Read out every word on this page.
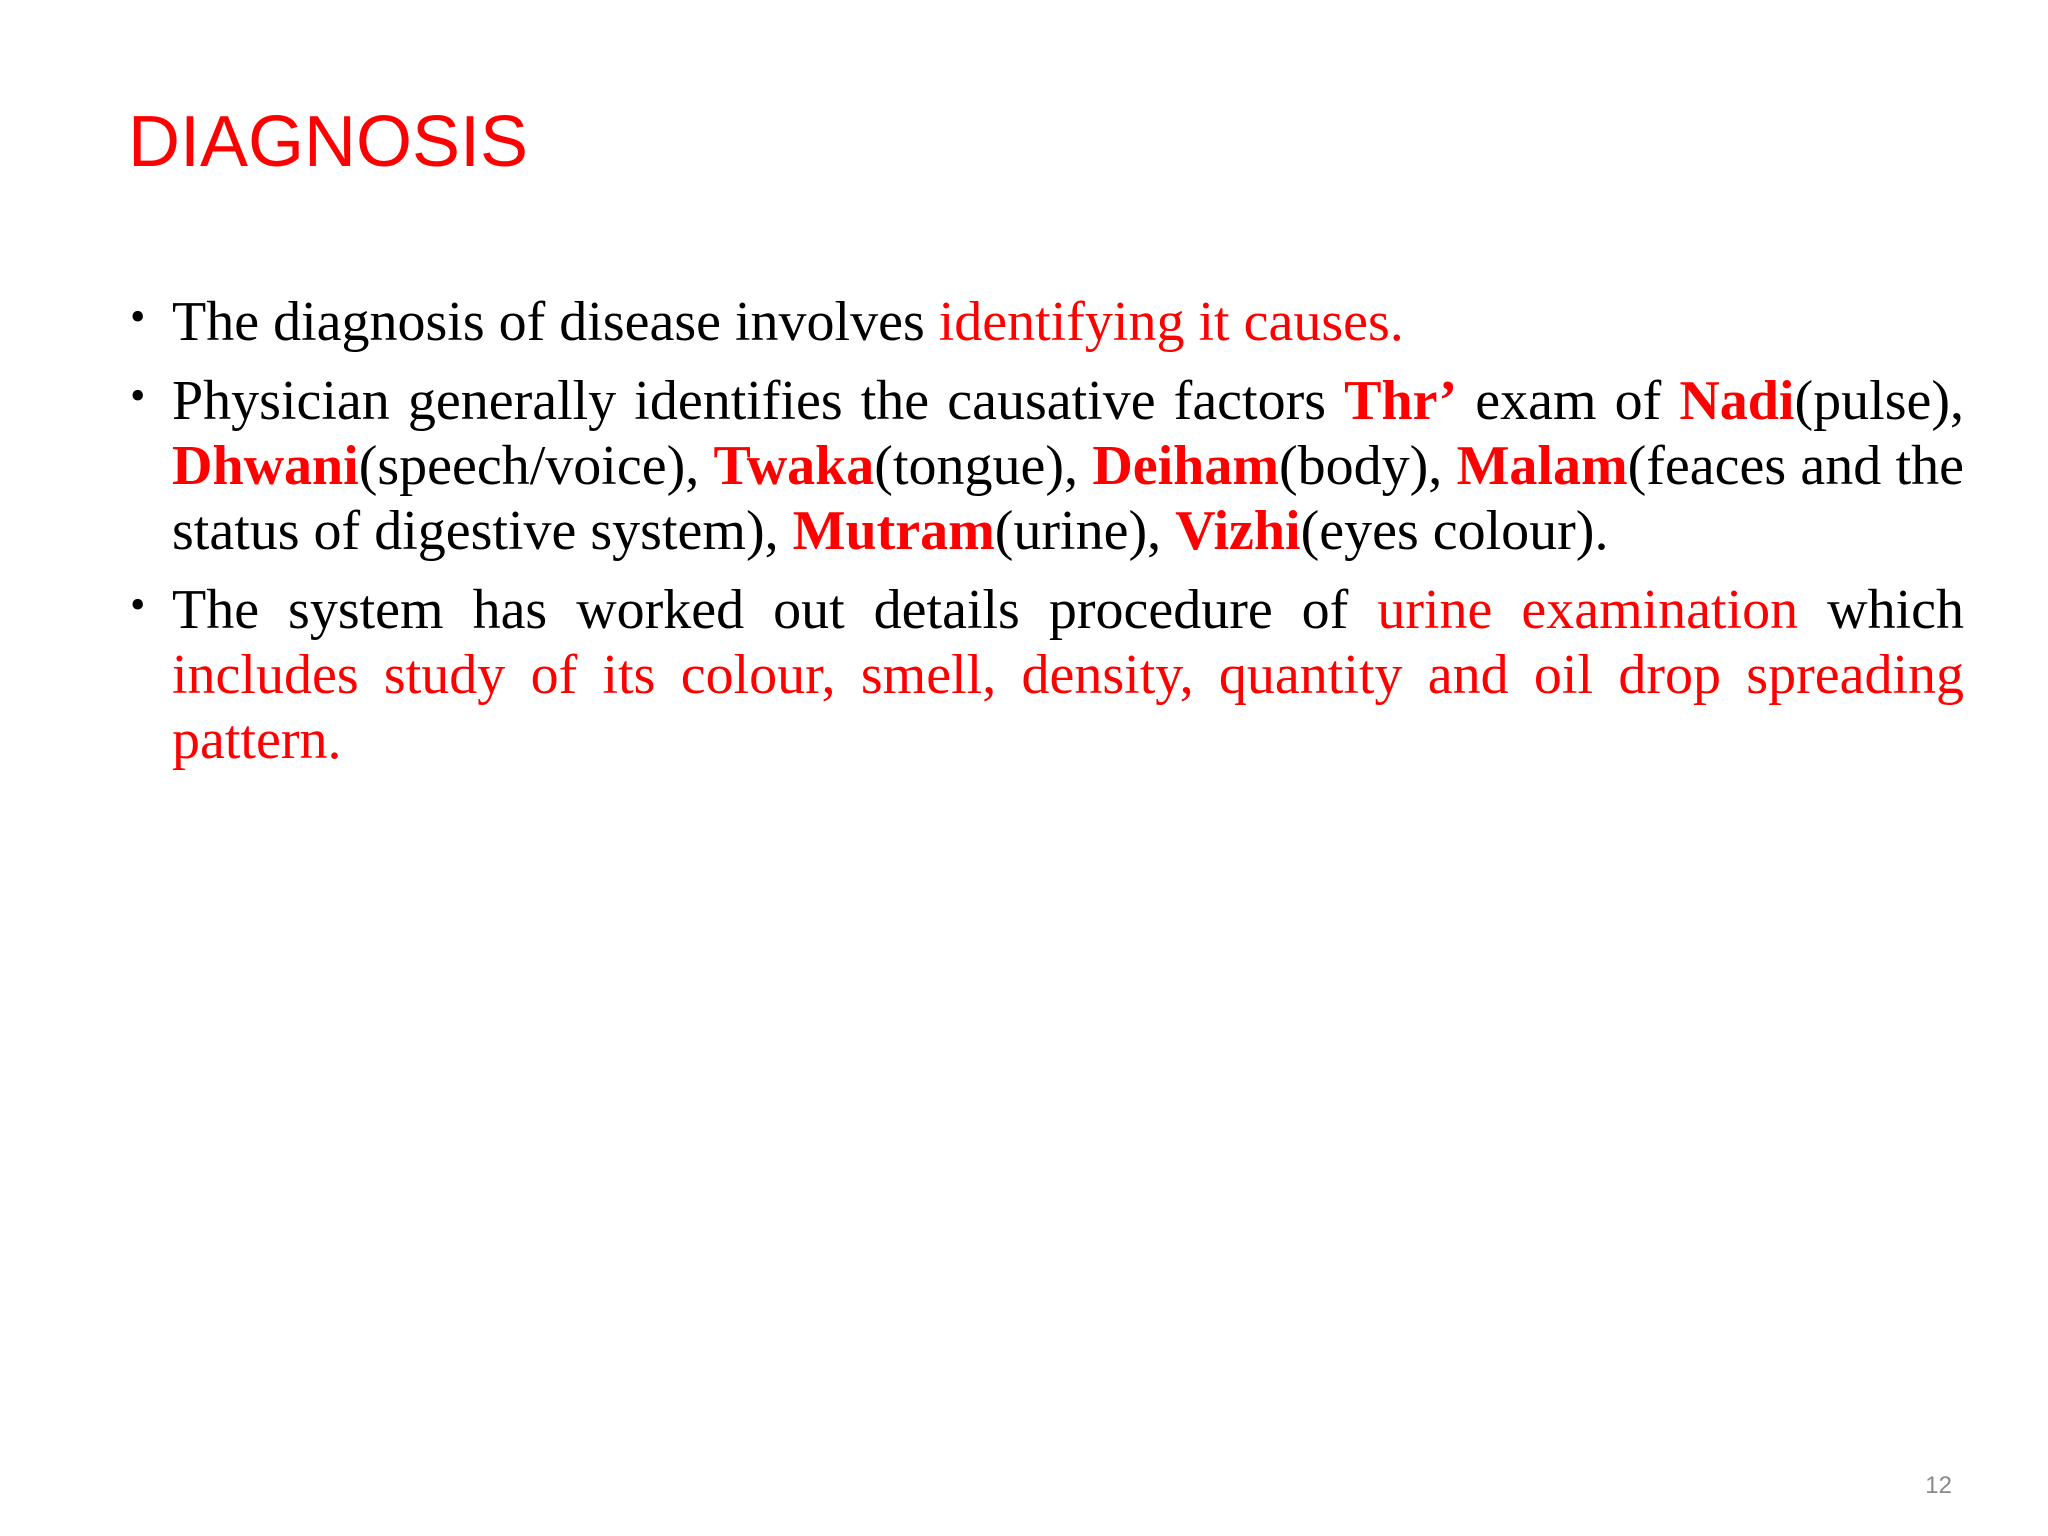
DIAGNOSIS
• The diagnosis of disease involves identifying it causes.
• Physician generally identifies the causative factors Thr’ exam of Nadi(pulse), Dhwani(speech/voice), Twaka(tongue), Deiham(body), Malam(feaces and the status of digestive system), Mutram(urine), Vizhi(eyes colour).
• The system has worked out details procedure of urine examination which includes study of its colour, smell, density, quantity and oil drop spreading pattern.
12
